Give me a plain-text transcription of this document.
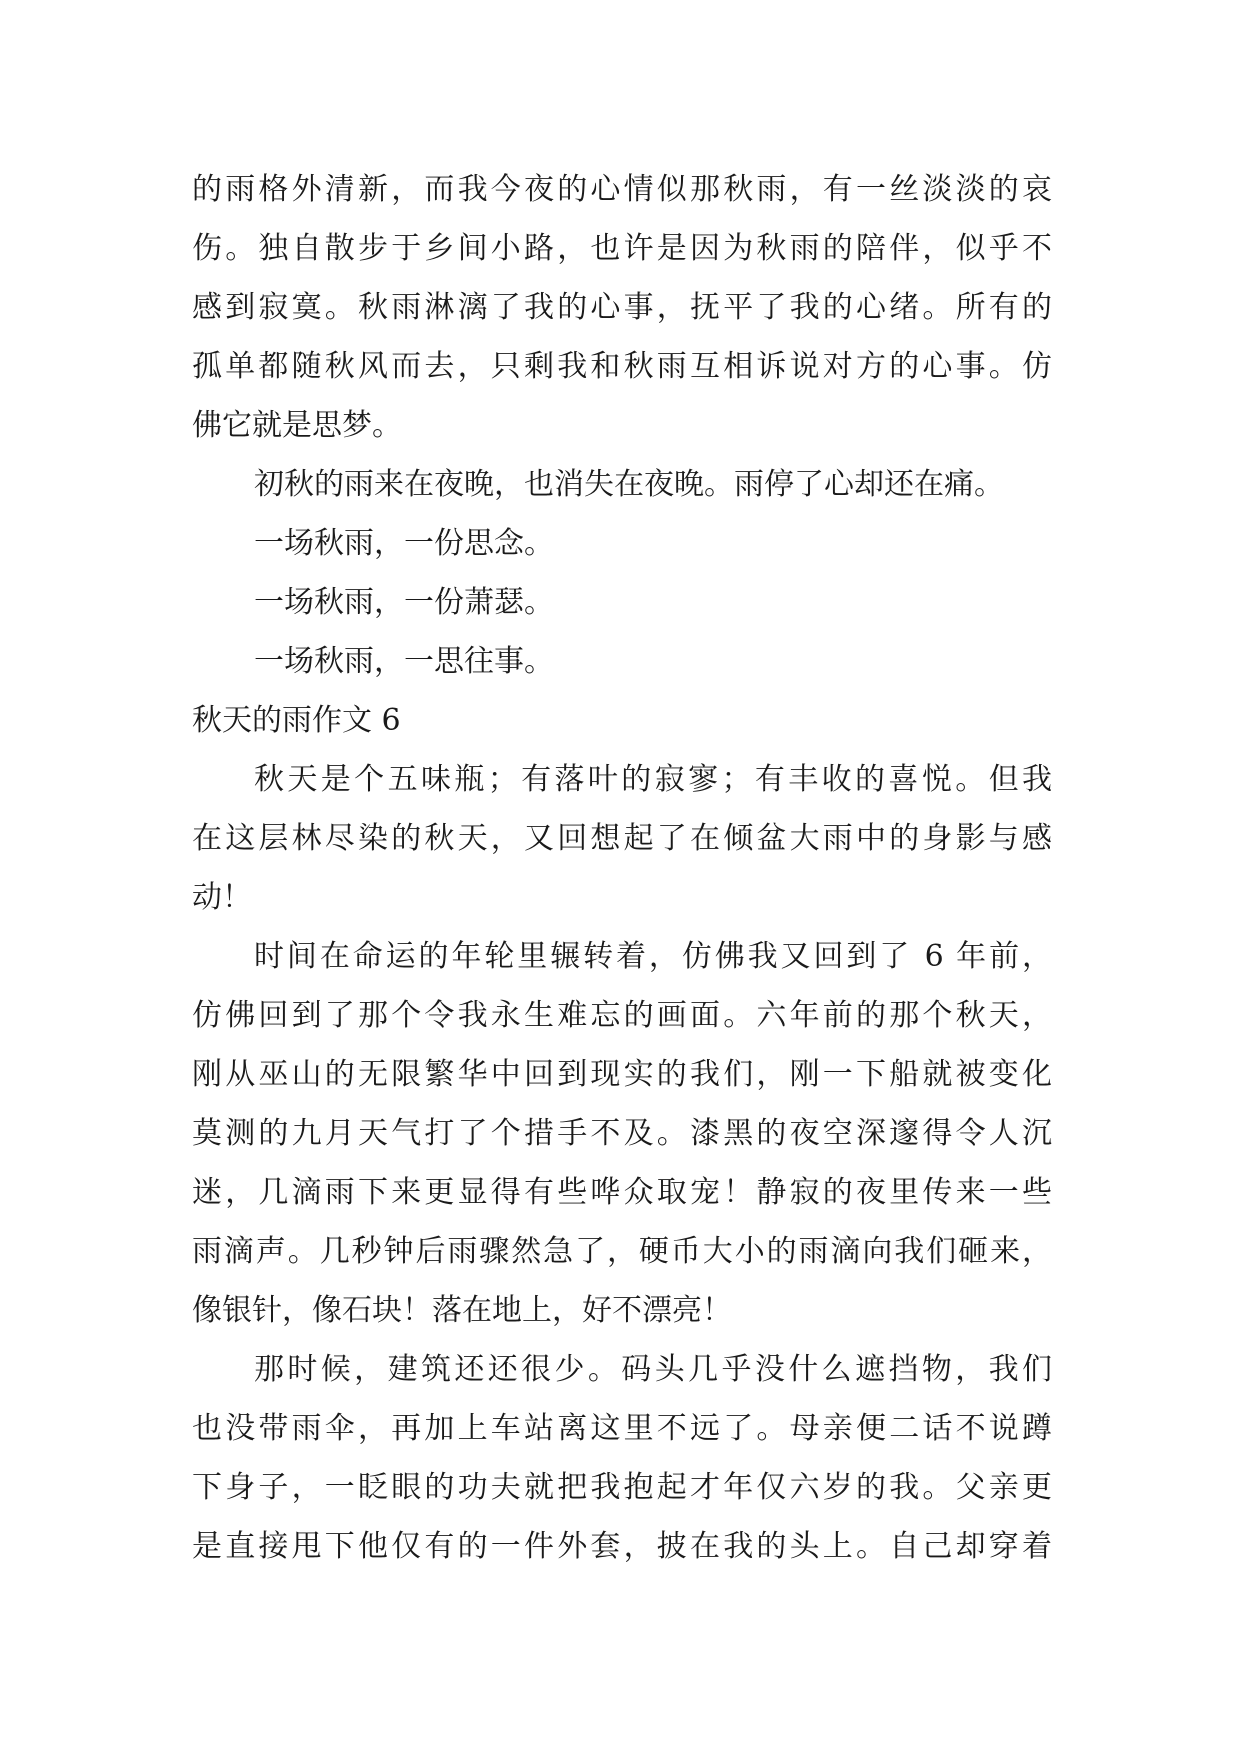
的雨格外清新，而我今夜的心情似那秋雨，有一丝淡淡的哀
伤。独自散步于乡间小路，也许是因为秋雨的陪伴，似乎不
感到寂寞。秋雨淋漓了我的心事，抚平了我的心绪。所有的
孤单都随秋风而去，只剩我和秋雨互相诉说对方的心事。仿
佛它就是思梦。
初秋的雨来在夜晚，也消失在夜晚。雨停了心却还在痛。
一场秋雨，一份思念。
一场秋雨，一份萧瑟。
一场秋雨，一思往事。
秋天的雨作文 6
秋天是个五味瓶；有落叶的寂寥；有丰收的喜悦。但我
在这层林尽染的秋天，又回想起了在倾盆大雨中的身影与感
动！
时间在命运的年轮里辗转着，仿佛我又回到了 6 年前，
仿佛回到了那个令我永生难忘的画面。六年前的那个秋天，
刚从巫山的无限繁华中回到现实的我们，刚一下船就被变化
莫测的九月天气打了个措手不及。漆黑的夜空深邃得令人沉
迷，几滴雨下来更显得有些哗众取宠！静寂的夜里传来一些
雨滴声。几秒钟后雨骤然急了，硬币大小的雨滴向我们砸来，
像银针，像石块！落在地上，好不漂亮！
那时候，建筑还还很少。码头几乎没什么遮挡物，我们
也没带雨伞，再加上车站离这里不远了。母亲便二话不说蹲
下身子，一眨眼的功夫就把我抱起才年仅六岁的我。父亲更
是直接甩下他仅有的一件外套，披在我的头上。自己却穿着
